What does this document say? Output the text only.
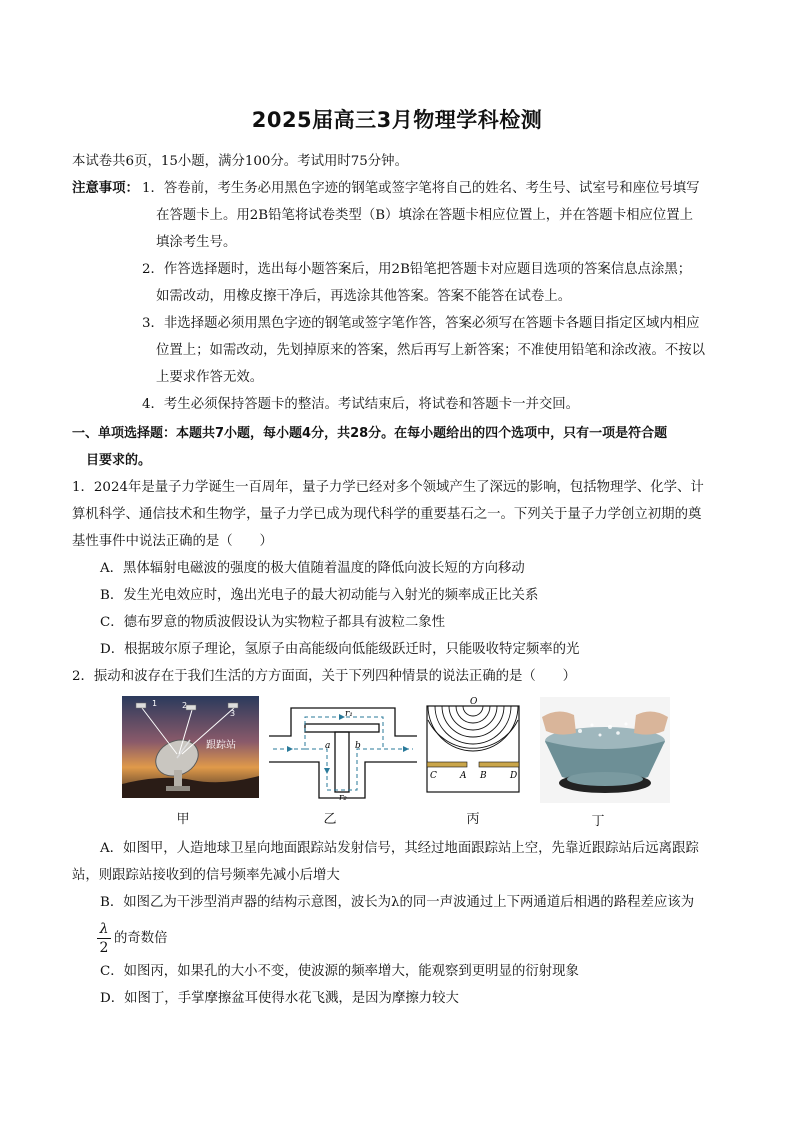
2025届高三3月物理学科检测
本试卷共6页，15小题，满分100分。考试用时75分钟。
注意事项： 1．答卷前，考生务必用黑色字迹的钢笔或签字笔将自己的姓名、考生号、试室号和座位号填写
在答题卡上。用2B铅笔将试卷类型（B）填涂在答题卡相应位置上，并在答题卡相应位置上
填涂考生号。
2．作答选择题时，选出每小题答案后，用2B铅笔把答题卡对应题目选项的答案信息点涂黑；
如需改动，用橡皮擦干净后，再选涂其他答案。答案不能答在试卷上。
3．非选择题必须用黑色字迹的钢笔或签字笔作答，答案必须写在答题卡各题目指定区域内相应
位置上；如需改动，先划掉原来的答案，然后再写上新答案；不准使用铅笔和涂改液。不按以
上要求作答无效。
4．考生必须保持答题卡的整洁。考试结束后，将试卷和答题卡一并交回。
一、单项选择题：本题共7小题，每小题4分，共28分。在每小题给出的四个选项中，只有一项是符合题
目要求的。
1．2024年是量子力学诞生一百周年，量子力学已经对多个领域产生了深远的影响，包括物理学、化学、计
算机科学、通信技术和生物学，量子力学已成为现代科学的重要基石之一。下列关于量子力学创立初期的奠
基性事件中说法正确的是（　　）
A．黑体辐射电磁波的强度的极大值随着温度的降低向波长短的方向移动
B．发生光电效应时，逸出光电子的最大初动能与入射光的频率成正比关系
C．德布罗意的物质波假设认为实物粒子都具有波粒二象性
D．根据玻尔原子理论，氢原子由高能级向低能级跃迁时，只能吸收特定频率的光
2．振动和波存在于我们生活的方方面面，关于下列四种情景的说法正确的是（　　）
1	2
3
跟踪站
甲
r₁
r₂
a	b
乙
O
C	A B	D
丙	丁
A．如图甲，人造地球卫星向地面跟踪站发射信号，其经过地面跟踪站上空，先靠近跟踪站后远离跟踪
站，则跟踪站接收到的信号频率先减小后增大
B．如图乙为干涉型消声器的结构示意图，波长为λ的同一声波通过上下两通道后相遇的路程差应该为
λ
2
的奇数倍
C．如图丙，如果孔的大小不变，使波源的频率增大，能观察到更明显的衍射现象
D．如图丁，手掌摩擦盆耳使得水花飞溅，是因为摩擦力较大
